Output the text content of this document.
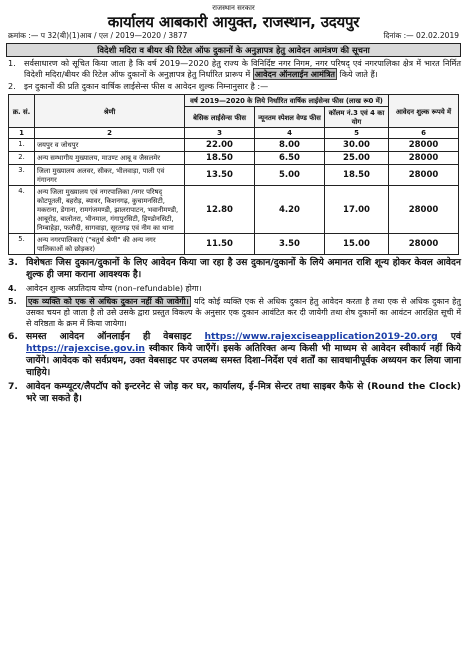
राजस्थान सरकार
कार्यालय आबकारी आयुक्त, राजस्थान, उदयपुर
क्रमांक :— प 32(बी)(1)आब / एल / 2019—2020 / 3877	दिनांक :— 02.02.2019
विदेशी मदिरा व बीयर की रिटेल ऑफ दुकानों के अनुज्ञापत्र हेतु आवेदन आमंत्रण की सूचना
1.	सर्वसाधारण को सूचित किया जाता है कि वर्ष 2019—2020 हेतु राज्य के विनिर्दिष्ट नगर निगम, नगर परिषद् एवं नगरपालिका क्षेत्र में भारत निर्मित विदेशी मदिरा/बीयर की रिटेल ऑफ दुकानों के अनुज्ञापत्र हेतु निर्धारित प्रारूप में आवेदन ऑनलाईन आमंत्रित किये जाते हैं।
2.	इन दुकानों की प्रति दुकान वार्षिक लाईसेन्स फीस व आवेदन शुल्क निम्नानुसार है :—
क्र. सं.	श्रेणी	वर्ष 2019—2020 के लिये निर्धारित वार्षिक लाईसेन्स फीस (लाख रू0 में)			आवेदन शुल्क रूपये में
		बेसिक लाईसेन्स फीस	न्यूनतम स्पेशल वेण्ड फीस	कॉलम नं.3 एवं 4 का योग	
1	2	3	4	5	6
1.	जयपुर व जोधपुर	22.00	8.00	30.00	28000
2.	अन्य सम्भागीय मुख्यालय, माउण्ट आबू व जैसलमेर	18.50	6.50	25.00	28000
3.	जिला मुख्यालय अलवर, सीकर, भीलवाड़ा, पाली एवं गंगानगर	13.50	5.00	18.50	28000
4.	अन्य जिला मुख्यालय एवं नगरपालिका /नगर परिषद् कोटपूतली, बहरोड़, ब्यावर, किशनगढ़, कुचामनसिटी, मकराना, डेगाना, रामगंजमण्डी, झालरापाटन, भवानीमण्डी, आबूरोड़, बालोतरा, भीनमाल, गंगापुरसिटी, हिण्डोनसिटी, निम्बाहेड़ा, फलौदी, सागवाड़ा, सूरतगढ़ एवं नीम का थाना	12.80	4.20	17.00	28000
5.	अन्य नगरपालिकाएं ("चतुर्थ श्रेणी" की अन्य नगर पालिकाओं को छोड़कर)	11.50	3.50	15.00	28000
3. विशेषतः जिस दुकान/दुकानों के लिए आवेदन किया जा रहा है उस दुकान/दुकानों के लिये अमानत राशि शून्य होकर केवल आवेदन शुल्क ही जमा कराना आवश्यक है।
4.	आवेदन शुल्क अप्रतिदाय योग्य (non–refundable) होगा।
5.	एक व्यक्ति को एक से अधिक दुकान नहीं की जावेगी। यदि कोई व्यक्ति एक से अधिक दुकान हेतु आवेदन करता है तथा एक से अधिक दुकान हेतु उसका चयन हो जाता है तो उसे उसके द्वारा प्रस्तुत विकल्प के अनुसार एक दुकान आवंटित कर दी जायेगी तथा शेष दुकानों का आवंटन आरक्षित सूची में से वरिष्ठता के क्रम में किया जायेगा।
6. समस्त आवेदन ऑनलाईन ही वेबसाइट https://www.rajexciseapplication2019-20.org एवं https://rajexcise.gov.in स्वीकार किये जाएँगें। इसके अतिरिक्त अन्य किसी भी माध्यम से आवेदन स्वीकार्य नहीं किये जायेंगे। आवेदक को सर्वप्रथम, उक्त वेबसाइट पर उपलब्ध समस्त दिशा–निर्देश एवं शर्तों का सावधानीपूर्वक अध्ययन कर लिया जाना चाहिये।
7. आवेदन कम्प्यूटर/लैपटॉप को इन्टरनेट से जोड़ कर घर, कार्यालय, ई–मित्र सेन्टर तथा साइबर कैफे से (Round the Clock) भरे जा सकते है।
